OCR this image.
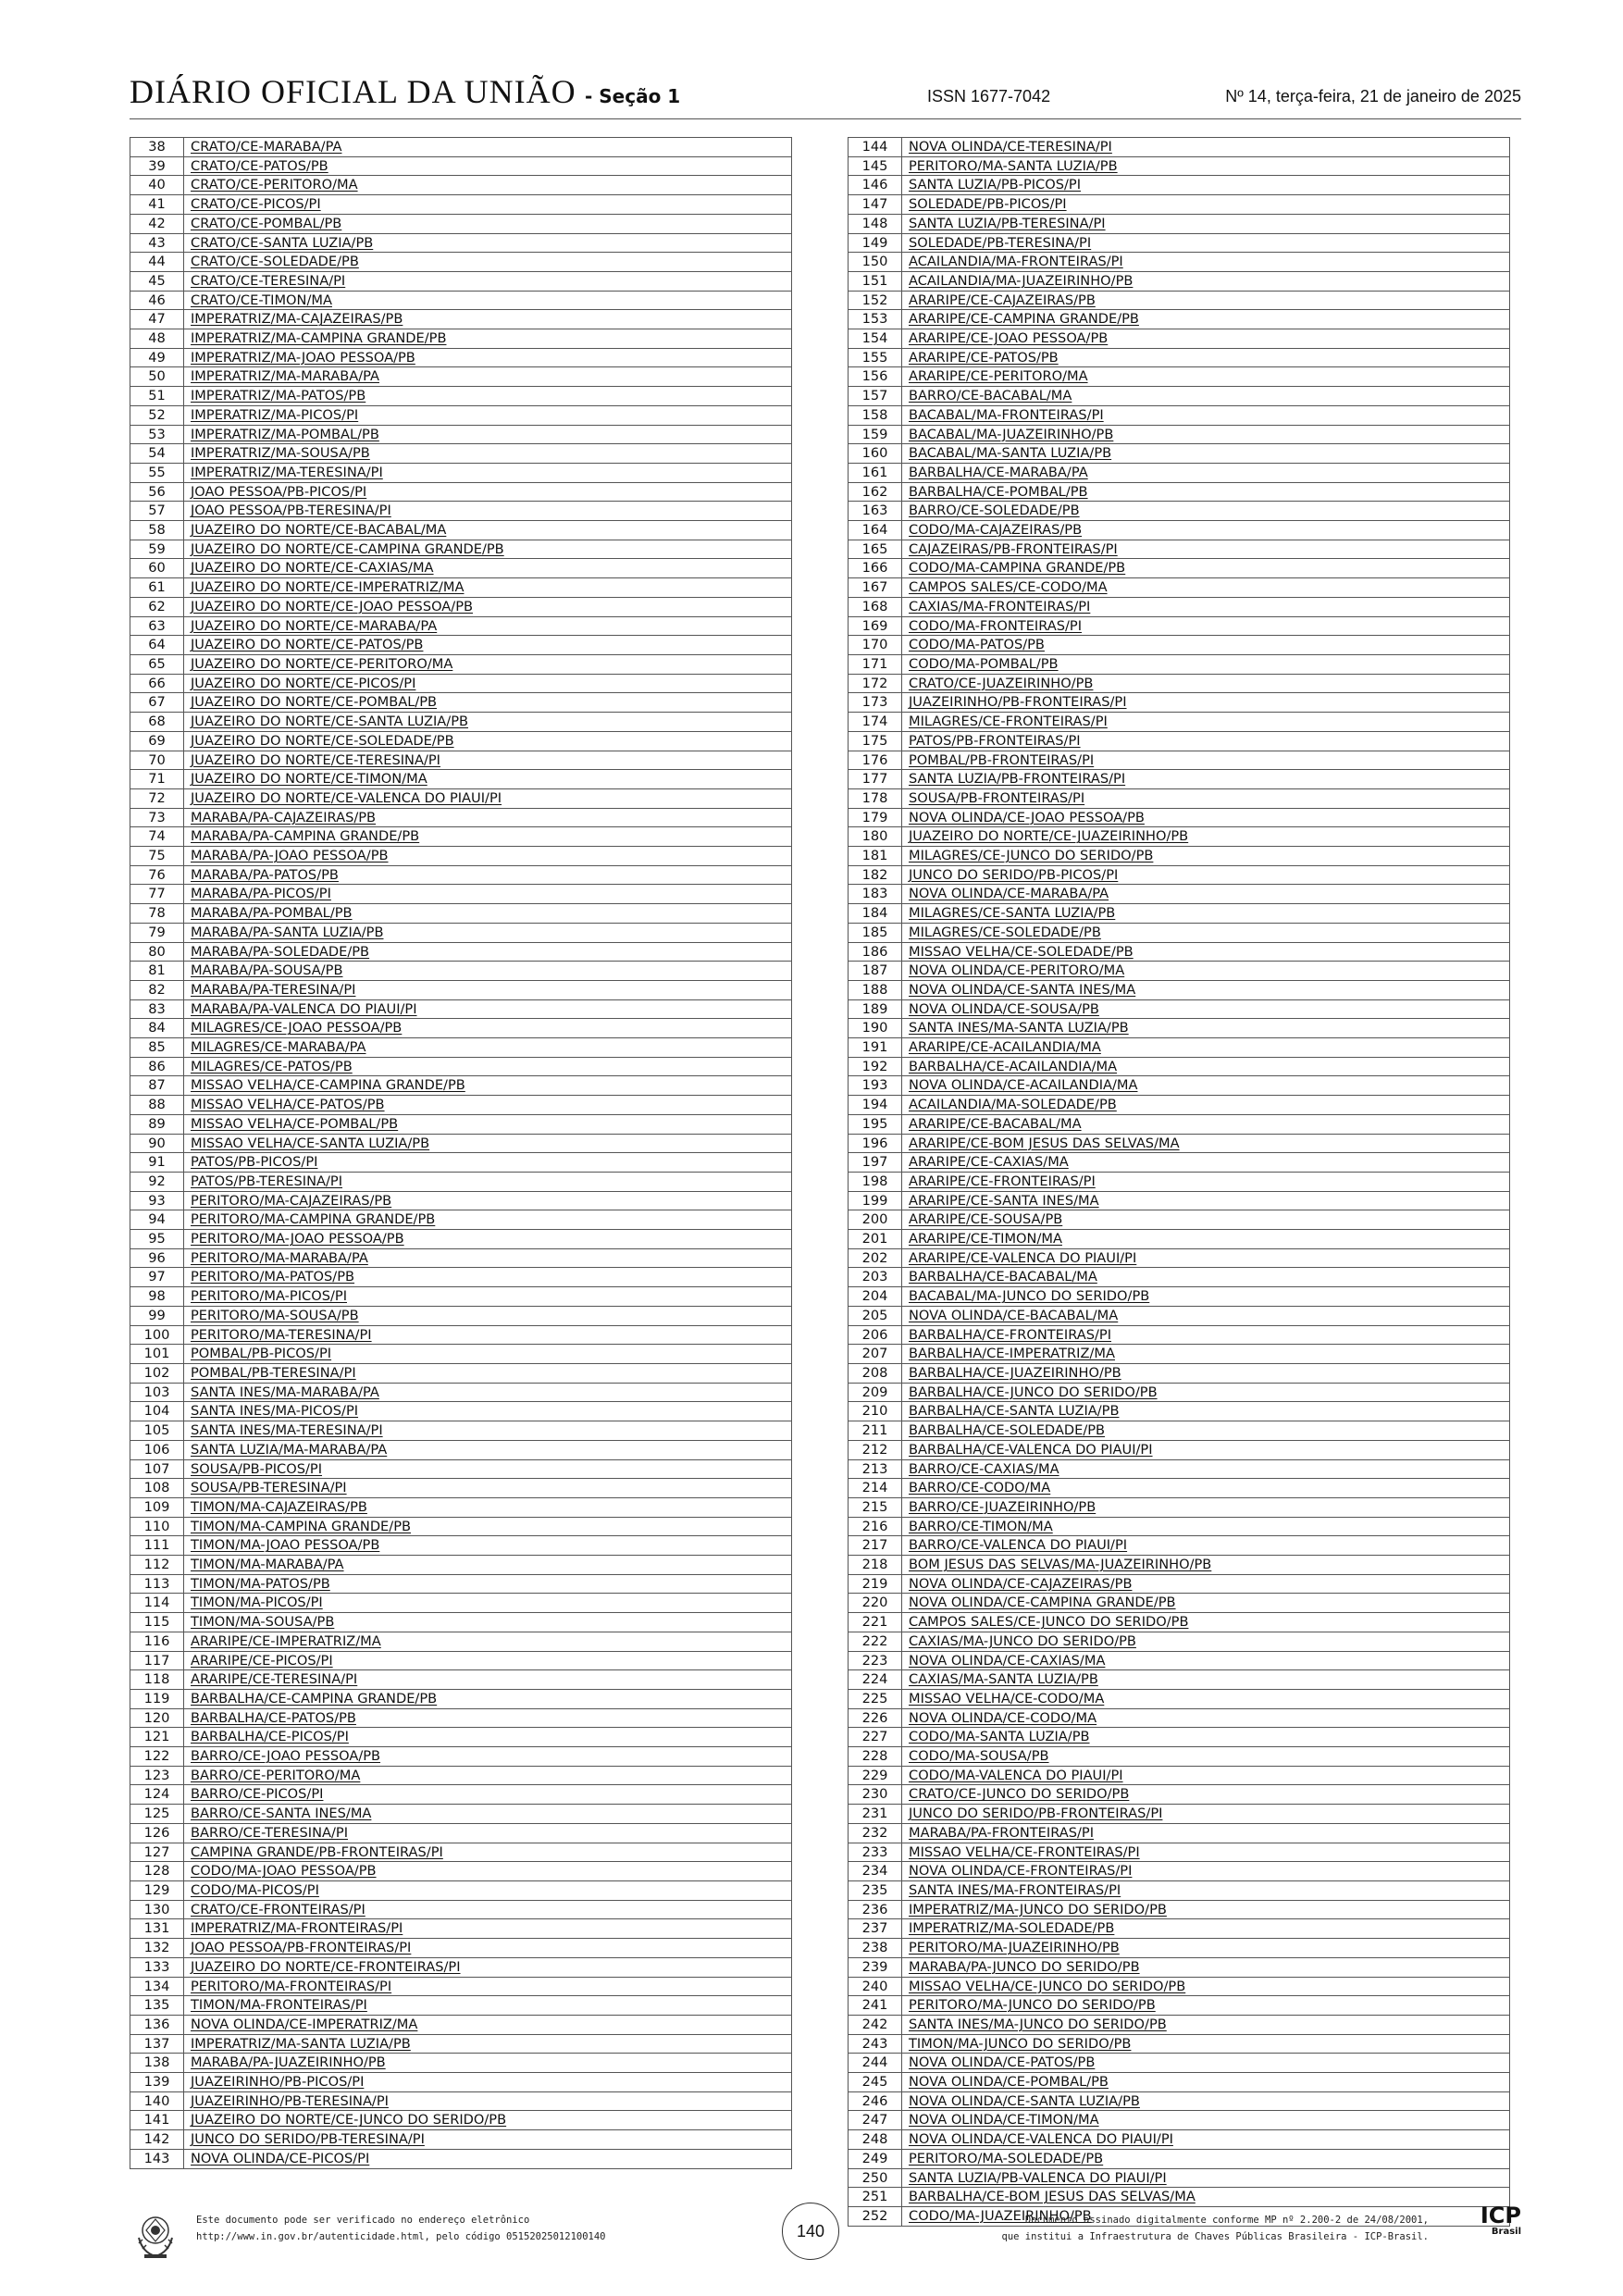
DIÁRIO OFICIAL DA UNIÃO - Seção 1	ISSN 1677-7042	Nº 14, terça-feira, 21 de janeiro de 2025
38	CRATO/CE-MARABA/PA
39	CRATO/CE-PATOS/PB
40	CRATO/CE-PERITORO/MA
41	CRATO/CE-PICOS/PI
42	CRATO/CE-POMBAL/PB
43	CRATO/CE-SANTA LUZIA/PB
44	CRATO/CE-SOLEDADE/PB
45	CRATO/CE-TERESINA/PI
46	CRATO/CE-TIMON/MA
47	IMPERATRIZ/MA-CAJAZEIRAS/PB
48	IMPERATRIZ/MA-CAMPINA GRANDE/PB
49	IMPERATRIZ/MA-JOAO PESSOA/PB
50	IMPERATRIZ/MA-MARABA/PA
51	IMPERATRIZ/MA-PATOS/PB
52	IMPERATRIZ/MA-PICOS/PI
53	IMPERATRIZ/MA-POMBAL/PB
54	IMPERATRIZ/MA-SOUSA/PB
55	IMPERATRIZ/MA-TERESINA/PI
56	JOAO PESSOA/PB-PICOS/PI
57	JOAO PESSOA/PB-TERESINA/PI
58	JUAZEIRO DO NORTE/CE-BACABAL/MA
59	JUAZEIRO DO NORTE/CE-CAMPINA GRANDE/PB
60	JUAZEIRO DO NORTE/CE-CAXIAS/MA
61	JUAZEIRO DO NORTE/CE-IMPERATRIZ/MA
62	JUAZEIRO DO NORTE/CE-JOAO PESSOA/PB
63	JUAZEIRO DO NORTE/CE-MARABA/PA
64	JUAZEIRO DO NORTE/CE-PATOS/PB
65	JUAZEIRO DO NORTE/CE-PERITORO/MA
66	JUAZEIRO DO NORTE/CE-PICOS/PI
67	JUAZEIRO DO NORTE/CE-POMBAL/PB
68	JUAZEIRO DO NORTE/CE-SANTA LUZIA/PB
69	JUAZEIRO DO NORTE/CE-SOLEDADE/PB
70	JUAZEIRO DO NORTE/CE-TERESINA/PI
71	JUAZEIRO DO NORTE/CE-TIMON/MA
72	JUAZEIRO DO NORTE/CE-VALENCA DO PIAUI/PI
73	MARABA/PA-CAJAZEIRAS/PB
74	MARABA/PA-CAMPINA GRANDE/PB
75	MARABA/PA-JOAO PESSOA/PB
76	MARABA/PA-PATOS/PB
77	MARABA/PA-PICOS/PI
78	MARABA/PA-POMBAL/PB
79	MARABA/PA-SANTA LUZIA/PB
80	MARABA/PA-SOLEDADE/PB
81	MARABA/PA-SOUSA/PB
82	MARABA/PA-TERESINA/PI
83	MARABA/PA-VALENCA DO PIAUI/PI
84	MILAGRES/CE-JOAO PESSOA/PB
85	MILAGRES/CE-MARABA/PA
86	MILAGRES/CE-PATOS/PB
87	MISSAO VELHA/CE-CAMPINA GRANDE/PB
88	MISSAO VELHA/CE-PATOS/PB
89	MISSAO VELHA/CE-POMBAL/PB
90	MISSAO VELHA/CE-SANTA LUZIA/PB
91	PATOS/PB-PICOS/PI
92	PATOS/PB-TERESINA/PI
93	PERITORO/MA-CAJAZEIRAS/PB
94	PERITORO/MA-CAMPINA GRANDE/PB
95	PERITORO/MA-JOAO PESSOA/PB
96	PERITORO/MA-MARABA/PA
97	PERITORO/MA-PATOS/PB
98	PERITORO/MA-PICOS/PI
99	PERITORO/MA-SOUSA/PB
100	PERITORO/MA-TERESINA/PI
101	POMBAL/PB-PICOS/PI
102	POMBAL/PB-TERESINA/PI
103	SANTA INES/MA-MARABA/PA
104	SANTA INES/MA-PICOS/PI
105	SANTA INES/MA-TERESINA/PI
106	SANTA LUZIA/MA-MARABA/PA
107	SOUSA/PB-PICOS/PI
108	SOUSA/PB-TERESINA/PI
109	TIMON/MA-CAJAZEIRAS/PB
110	TIMON/MA-CAMPINA GRANDE/PB
111	TIMON/MA-JOAO PESSOA/PB
112	TIMON/MA-MARABA/PA
113	TIMON/MA-PATOS/PB
114	TIMON/MA-PICOS/PI
115	TIMON/MA-SOUSA/PB
116	ARARIPE/CE-IMPERATRIZ/MA
117	ARARIPE/CE-PICOS/PI
118	ARARIPE/CE-TERESINA/PI
119	BARBALHA/CE-CAMPINA GRANDE/PB
120	BARBALHA/CE-PATOS/PB
121	BARBALHA/CE-PICOS/PI
122	BARRO/CE-JOAO PESSOA/PB
123	BARRO/CE-PERITORO/MA
124	BARRO/CE-PICOS/PI
125	BARRO/CE-SANTA INES/MA
126	BARRO/CE-TERESINA/PI
127	CAMPINA GRANDE/PB-FRONTEIRAS/PI
128	CODO/MA-JOAO PESSOA/PB
129	CODO/MA-PICOS/PI
130	CRATO/CE-FRONTEIRAS/PI
131	IMPERATRIZ/MA-FRONTEIRAS/PI
132	JOAO PESSOA/PB-FRONTEIRAS/PI
133	JUAZEIRO DO NORTE/CE-FRONTEIRAS/PI
134	PERITORO/MA-FRONTEIRAS/PI
135	TIMON/MA-FRONTEIRAS/PI
136	NOVA OLINDA/CE-IMPERATRIZ/MA
137	IMPERATRIZ/MA-SANTA LUZIA/PB
138	MARABA/PA-JUAZEIRINHO/PB
139	JUAZEIRINHO/PB-PICOS/PI
140	JUAZEIRINHO/PB-TERESINA/PI
141	JUAZEIRO DO NORTE/CE-JUNCO DO SERIDO/PB
142	JUNCO DO SERIDO/PB-TERESINA/PI
143	NOVA OLINDA/CE-PICOS/PI
144	NOVA OLINDA/CE-TERESINA/PI
145	PERITORO/MA-SANTA LUZIA/PB
146	SANTA LUZIA/PB-PICOS/PI
147	SOLEDADE/PB-PICOS/PI
148	SANTA LUZIA/PB-TERESINA/PI
149	SOLEDADE/PB-TERESINA/PI
150	ACAILANDIA/MA-FRONTEIRAS/PI
151	ACAILANDIA/MA-JUAZEIRINHO/PB
152	ARARIPE/CE-CAJAZEIRAS/PB
153	ARARIPE/CE-CAMPINA GRANDE/PB
154	ARARIPE/CE-JOAO PESSOA/PB
155	ARARIPE/CE-PATOS/PB
156	ARARIPE/CE-PERITORO/MA
157	BARRO/CE-BACABAL/MA
158	BACABAL/MA-FRONTEIRAS/PI
159	BACABAL/MA-JUAZEIRINHO/PB
160	BACABAL/MA-SANTA LUZIA/PB
161	BARBALHA/CE-MARABA/PA
162	BARBALHA/CE-POMBAL/PB
163	BARRO/CE-SOLEDADE/PB
164	CODO/MA-CAJAZEIRAS/PB
165	CAJAZEIRAS/PB-FRONTEIRAS/PI
166	CODO/MA-CAMPINA GRANDE/PB
167	CAMPOS SALES/CE-CODO/MA
168	CAXIAS/MA-FRONTEIRAS/PI
169	CODO/MA-FRONTEIRAS/PI
170	CODO/MA-PATOS/PB
171	CODO/MA-POMBAL/PB
172	CRATO/CE-JUAZEIRINHO/PB
173	JUAZEIRINHO/PB-FRONTEIRAS/PI
174	MILAGRES/CE-FRONTEIRAS/PI
175	PATOS/PB-FRONTEIRAS/PI
176	POMBAL/PB-FRONTEIRAS/PI
177	SANTA LUZIA/PB-FRONTEIRAS/PI
178	SOUSA/PB-FRONTEIRAS/PI
179	NOVA OLINDA/CE-JOAO PESSOA/PB
180	JUAZEIRO DO NORTE/CE-JUAZEIRINHO/PB
181	MILAGRES/CE-JUNCO DO SERIDO/PB
182	JUNCO DO SERIDO/PB-PICOS/PI
183	NOVA OLINDA/CE-MARABA/PA
184	MILAGRES/CE-SANTA LUZIA/PB
185	MILAGRES/CE-SOLEDADE/PB
186	MISSAO VELHA/CE-SOLEDADE/PB
187	NOVA OLINDA/CE-PERITORO/MA
188	NOVA OLINDA/CE-SANTA INES/MA
189	NOVA OLINDA/CE-SOUSA/PB
190	SANTA INES/MA-SANTA LUZIA/PB
191	ARARIPE/CE-ACAILANDIA/MA
192	BARBALHA/CE-ACAILANDIA/MA
193	NOVA OLINDA/CE-ACAILANDIA/MA
194	ACAILANDIA/MA-SOLEDADE/PB
195	ARARIPE/CE-BACABAL/MA
196	ARARIPE/CE-BOM JESUS DAS SELVAS/MA
197	ARARIPE/CE-CAXIAS/MA
198	ARARIPE/CE-FRONTEIRAS/PI
199	ARARIPE/CE-SANTA INES/MA
200	ARARIPE/CE-SOUSA/PB
201	ARARIPE/CE-TIMON/MA
202	ARARIPE/CE-VALENCA DO PIAUI/PI
203	BARBALHA/CE-BACABAL/MA
204	BACABAL/MA-JUNCO DO SERIDO/PB
205	NOVA OLINDA/CE-BACABAL/MA
206	BARBALHA/CE-FRONTEIRAS/PI
207	BARBALHA/CE-IMPERATRIZ/MA
208	BARBALHA/CE-JUAZEIRINHO/PB
209	BARBALHA/CE-JUNCO DO SERIDO/PB
210	BARBALHA/CE-SANTA LUZIA/PB
211	BARBALHA/CE-SOLEDADE/PB
212	BARBALHA/CE-VALENCA DO PIAUI/PI
213	BARRO/CE-CAXIAS/MA
214	BARRO/CE-CODO/MA
215	BARRO/CE-JUAZEIRINHO/PB
216	BARRO/CE-TIMON/MA
217	BARRO/CE-VALENCA DO PIAUI/PI
218	BOM JESUS DAS SELVAS/MA-JUAZEIRINHO/PB
219	NOVA OLINDA/CE-CAJAZEIRAS/PB
220	NOVA OLINDA/CE-CAMPINA GRANDE/PB
221	CAMPOS SALES/CE-JUNCO DO SERIDO/PB
222	CAXIAS/MA-JUNCO DO SERIDO/PB
223	NOVA OLINDA/CE-CAXIAS/MA
224	CAXIAS/MA-SANTA LUZIA/PB
225	MISSAO VELHA/CE-CODO/MA
226	NOVA OLINDA/CE-CODO/MA
227	CODO/MA-SANTA LUZIA/PB
228	CODO/MA-SOUSA/PB
229	CODO/MA-VALENCA DO PIAUI/PI
230	CRATO/CE-JUNCO DO SERIDO/PB
231	JUNCO DO SERIDO/PB-FRONTEIRAS/PI
232	MARABA/PA-FRONTEIRAS/PI
233	MISSAO VELHA/CE-FRONTEIRAS/PI
234	NOVA OLINDA/CE-FRONTEIRAS/PI
235	SANTA INES/MA-FRONTEIRAS/PI
236	IMPERATRIZ/MA-JUNCO DO SERIDO/PB
237	IMPERATRIZ/MA-SOLEDADE/PB
238	PERITORO/MA-JUAZEIRINHO/PB
239	MARABA/PA-JUNCO DO SERIDO/PB
240	MISSAO VELHA/CE-JUNCO DO SERIDO/PB
241	PERITORO/MA-JUNCO DO SERIDO/PB
242	SANTA INES/MA-JUNCO DO SERIDO/PB
243	TIMON/MA-JUNCO DO SERIDO/PB
244	NOVA OLINDA/CE-PATOS/PB
245	NOVA OLINDA/CE-POMBAL/PB
246	NOVA OLINDA/CE-SANTA LUZIA/PB
247	NOVA OLINDA/CE-TIMON/MA
248	NOVA OLINDA/CE-VALENCA DO PIAUI/PI
249	PERITORO/MA-SOLEDADE/PB
250	SANTA LUZIA/PB-VALENCA DO PIAUI/PI
251	BARBALHA/CE-BOM JESUS DAS SELVAS/MA
252	CODO/MA-JUAZEIRINHO/PB
Este documento pode ser verificado no endereço eletrônico
http://www.in.gov.br/autenticidade.html, pelo código 05152025012100140	140
Documento assinado digitalmente conforme MP nº 2.200-2 de 24/08/2001,
que institui a Infraestrutura de Chaves Públicas Brasileira - ICP-Brasil.
ICP
Brasil
